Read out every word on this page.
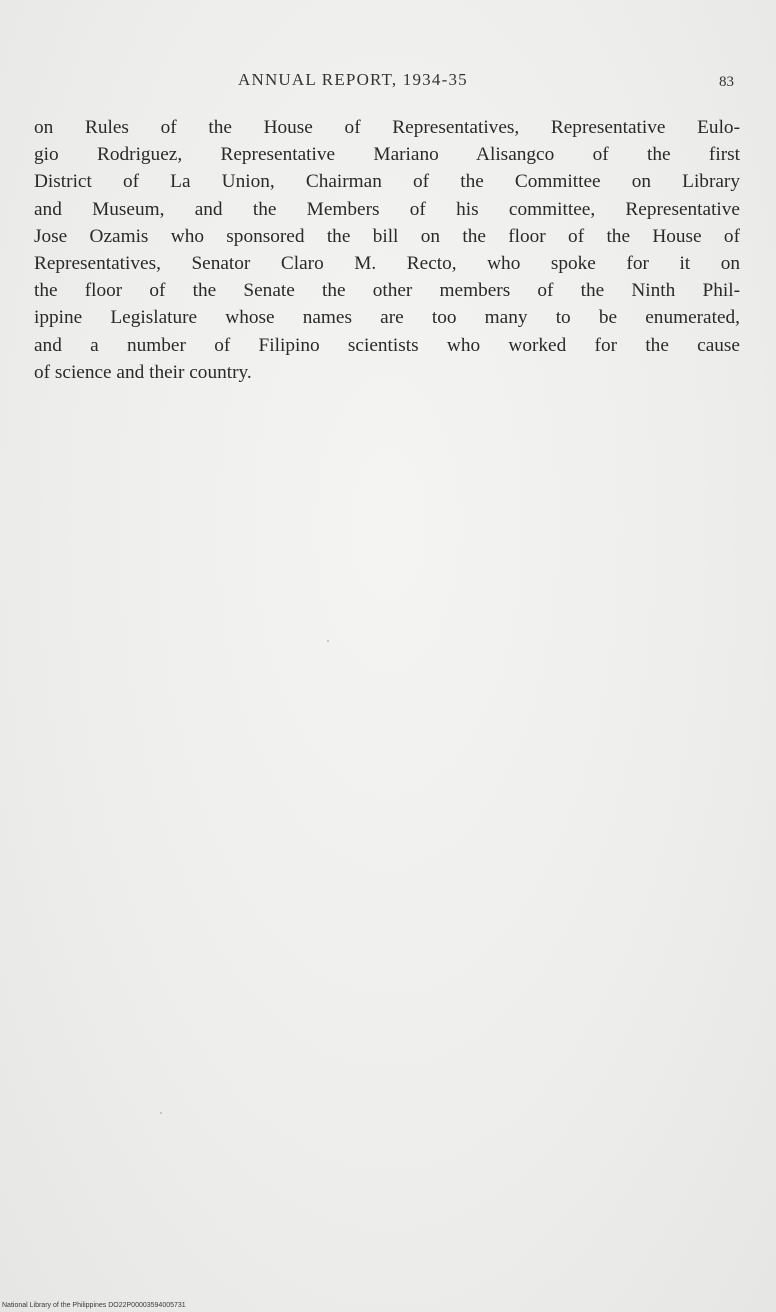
ANNUAL REPORT, 1934-35	83
on Rules of the House of Representatives, Representative Eulo-
gio Rodriguez, Representative Mariano Alisangco of the first
District of La Union, Chairman of the Committee on Library
and Museum, and the Members of his committee, Representative
Jose Ozamis who sponsored the bill on the floor of the House of
Representatives, Senator Claro M. Recto, who spoke for it on
the floor of the Senate the other members of the Ninth Phil-
ippine Legislature whose names are too many to be enumerated,
and a number of Filipino scientists who worked for the cause
of science and their country.
National Library of the Philippines DO22P00003594005731
